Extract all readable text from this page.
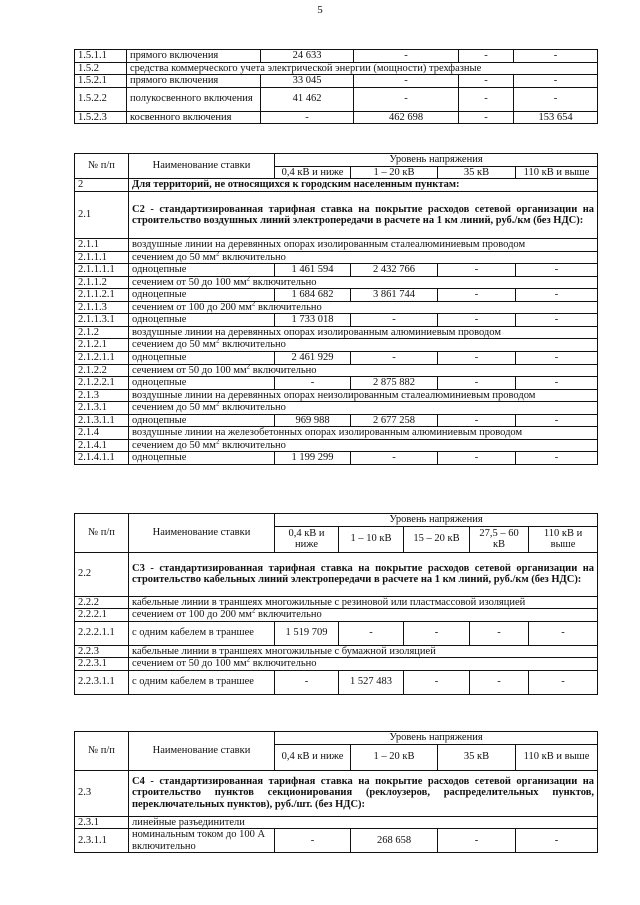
5
1.5.1.1	прямого включения	24 633	-	-	-
1.5.2	средства коммерческого учета электрической энергии (мощности) трехфазные				
1.5.2.1	прямого включения	33 045	-	-	-
1.5.2.2	полукосвенного включения	41 462	-	-	-
1.5.2.3	косвенного включения	-	462 698	-	153 654
№ п/п	Наименование ставки	Уровень напряжения			
		0,4 кВ и ниже	1 – 20 кВ	35 кВ	110 кВ и выше
2	Для территорий, не относящихся к городским населенным пунктам:				
2.1	С2 - стандартизированная тарифная ставка на покрытие расходов сетевой организации на строительство воздушных линий электропередачи в расчете на 1 км линий, руб./км (без НДС):				
2.1.1	воздушные линии на деревянных опорах изолированным сталеалюминиевым проводом				
2.1.1.1	сечением до 50 $мм^2$ включительно				
2.1.1.1.1	одноцепные	1 461 594	2 432 766	-	-
2.1.1.2	сечением от 50 до 100 $мм^2$ включительно				
2.1.1.2.1	одноцепные	1 684 682	3 861 744	-	-
2.1.1.3	сечением от 100 до 200 $мм^2$ включительно				
2.1.1.3.1	одноцепные	1 733 018	-	-	-
2.1.2	воздушные линии на деревянных опорах изолированным алюминиевым проводом				
2.1.2.1	сечением до 50 $мм^2$ включительно				
2.1.2.1.1	одноцепные	2 461 929	-	-	-
2.1.2.2	сечением от 50 до 100 $мм^2$ включительно				
2.1.2.2.1	одноцепные	-	2 875 882	-	-
2.1.3	воздушные линии на деревянных опорах неизолированным сталеалюминиевым проводом				
2.1.3.1	сечением до 50 $мм^2$ включительно				
2.1.3.1.1	одноцепные	969 988	2 677 258	-	-
2.1.4	воздушные линии на железобетонных опорах изолированным алюминиевым проводом				
2.1.4.1	сечением до 50 $мм^2$ включительно				
2.1.4.1.1	одноцепные	1 199 299	-	-	-
№ п/п	Наименование ставки	Уровень напряжения				
		0,4 кВ и ниже	1 – 10 кВ	15 – 20 кВ	27,5 – 60 кВ	110 кВ и выше
2.2	С3 - стандартизированная тарифная ставка на покрытие расходов сетевой организации на строительство кабельных линий электропередачи в расчете на 1 км линий, руб./км (без НДС):					
2.2.2	кабельные линии в траншеях многожильные с резиновой или пластмассовой изоляцией					
2.2.2.1	сечением от 100 до 200 $мм^2$ включительно					
2.2.2.1.1	с одним кабелем в траншее	1 519 709	-	-	-	-
2.2.3	кабельные линии в траншеях многожильные с бумажной изоляцией					
2.2.3.1	сечением от 50 до 100 $мм^2$ включительно					
2.2.3.1.1	с одним кабелем в траншее	-	1 527 483	-	-	-
№ п/п	Наименование ставки	Уровень напряжения			
		0,4 кВ и ниже	1 – 20 кВ	35 кВ	110 кВ и выше
2.3	С4 - стандартизированная тарифная ставка на покрытие расходов сетевой организации на строительство пунктов секционирования (реклоузеров, распределительных пунктов, переключательных пунктов), руб./шт. (без НДС):				
2.3.1	линейные разъединители				
2.3.1.1	номинальным током до 100 А включительно	-	268 658	-	-
